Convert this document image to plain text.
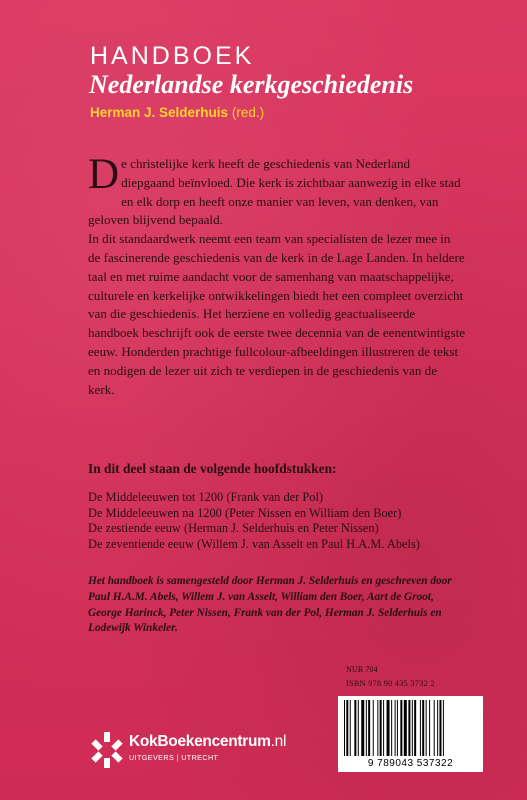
HANDBOEK
Nederlandse kerkgeschiedenis
Herman J. Selderhuis (red.)

De christelijke kerk heeft de geschiedenis van Nederland diepgaand beïnvloed. Die kerk is zichtbaar aanwezig in elke stad en elk dorp en heeft onze manier van leven, van denken, van geloven blijvend bepaald.

In dit standaardwerk neemt een team van specialisten de lezer mee in de fascinerende geschiedenis van de kerk in de Lage Landen. In heldere taal en met ruime aandacht voor de samenhang van maatschappelijke, culturele en kerkelijke ontwikkelingen biedt het een compleet overzicht van die geschiedenis. Het herziene en volledig geactualiseerde handboek beschrijft ook de eerste twee decennia van de eenentwintigste eeuw. Honderden prachtige fullcolour-afbeeldingen illustreren de tekst en nodigen de lezer uit zich te verdiepen in de geschiedenis van de kerk.

In dit deel staan de volgende hoofdstukken:
De Middeleeuwen tot 1200 (Frank van der Pol)
De Middeleeuwen na 1200 (Peter Nissen en William den Boer)
De zestiende eeuw (Herman J. Selderhuis en Peter Nissen)
De zeventiende eeuw (Willem J. van Asselt en Paul H.A.M. Abels)
Het handboek is samengesteld door Herman J. Selderhuis en geschreven door Paul H.A.M. Abels, Willem J. van Asselt, William den Boer, Aart de Groot, George Harinck, Peter Nissen, Frank van der Pol, Herman J. Selderhuis en Lodewijk Winkeler.
NUR 704
ISBN 978 90 435 3732 2
9 789043 537322
KokBoekencentrum.nl
UITGEVERS | UTRECHT
